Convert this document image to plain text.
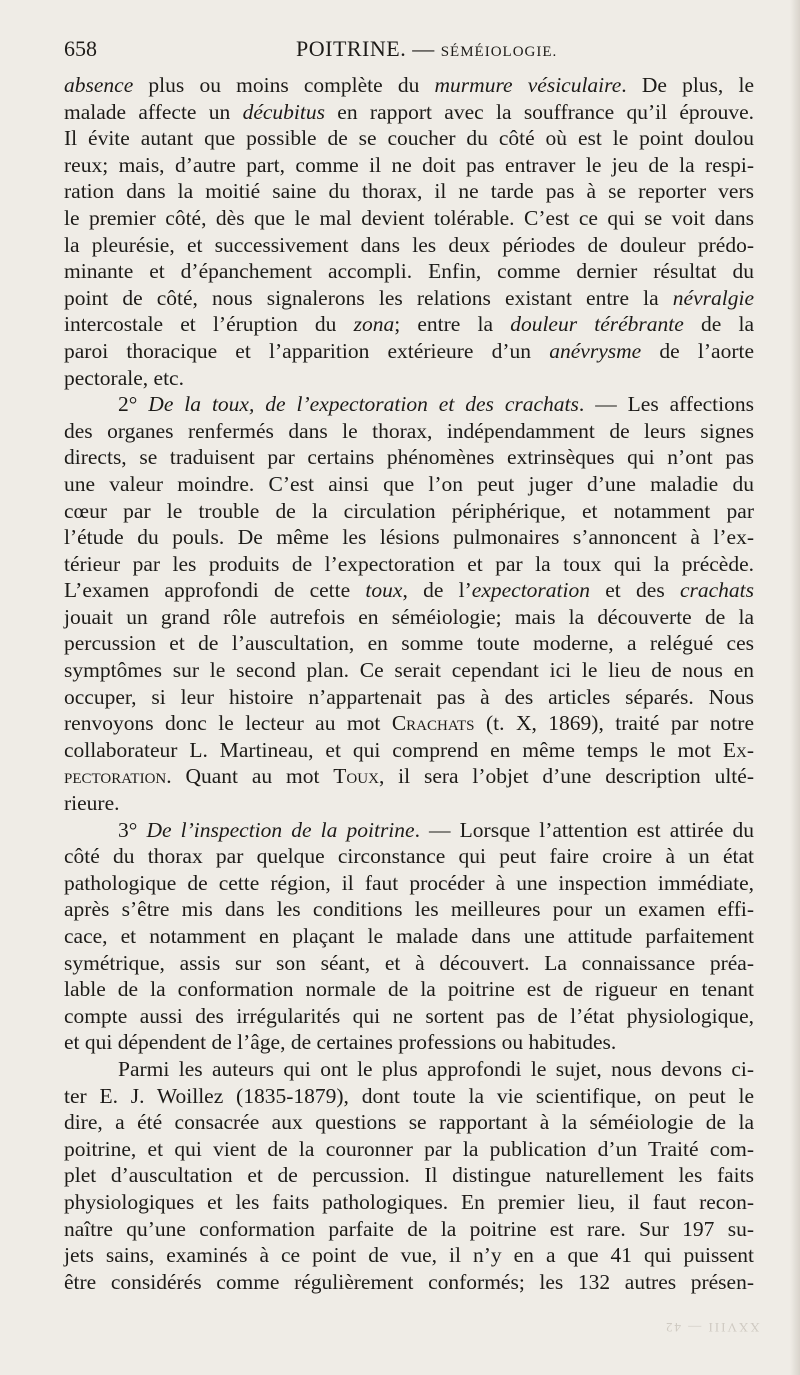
658	POITRINE. — SÉMÉIOLOGIE.
absence plus ou moins complète du murmure vésiculaire. De plus, le
malade affecte un décubitus en rapport avec la souffrance qu’il éprouve.
Il évite autant que possible de se coucher du côté où est le point doulou
reux; mais, d’autre part, comme il ne doit pas entraver le jeu de la respi-
ration dans la moitié saine du thorax, il ne tarde pas à se reporter vers
le premier côté, dès que le mal devient tolérable. C’est ce qui se voit dans
la pleurésie, et successivement dans les deux périodes de douleur prédo-
minante et d’épanchement accompli. Enfin, comme dernier résultat du
point de côté, nous signalerons les relations existant entre la névralgie
intercostale et l’éruption du zona; entre la douleur térébrante de la
paroi thoracique et l’apparition extérieure d’un anévrysme de l’aorte
pectorale, etc.
2° De la toux, de l’expectoration et des crachats. — Les affections
des organes renfermés dans le thorax, indépendamment de leurs signes
directs, se traduisent par certains phénomènes extrinsèques qui n’ont pas
une valeur moindre. C’est ainsi que l’on peut juger d’une maladie du
cœur par le trouble de la circulation périphérique, et notamment par
l’étude du pouls. De même les lésions pulmonaires s’annoncent à l’ex-
térieur par les produits de l’expectoration et par la toux qui la précède.
L’examen approfondi de cette toux, de l’expectoration et des crachats
jouait un grand rôle autrefois en séméiologie; mais la découverte de la
percussion et de l’auscultation, en somme toute moderne, a relégué ces
symptômes sur le second plan. Ce serait cependant ici le lieu de nous en
occuper, si leur histoire n’appartenait pas à des articles séparés. Nous
renvoyons donc le lecteur au mot Crachats (t. X, 1869), traité par notre
collaborateur L. Martineau, et qui comprend en même temps le mot Ex-
pectoration. Quant au mot Toux, il sera l’objet d’une description ulté-
rieure.
3° De l’inspection de la poitrine. — Lorsque l’attention est attirée du
côté du thorax par quelque circonstance qui peut faire croire à un état
pathologique de cette région, il faut procéder à une inspection immédiate,
après s’être mis dans les conditions les meilleures pour un examen effi-
cace, et notamment en plaçant le malade dans une attitude parfaitement
symétrique, assis sur son séant, et à découvert. La connaissance préa-
lable de la conformation normale de la poitrine est de rigueur en tenant
compte aussi des irrégularités qui ne sortent pas de l’état physiologique,
et qui dépendent de l’âge, de certaines professions ou habitudes.
Parmi les auteurs qui ont le plus approfondi le sujet, nous devons ci-
ter E. J. Woillez (1835-1879), dont toute la vie scientifique, on peut le
dire, a été consacrée aux questions se rapportant à la séméiologie de la
poitrine, et qui vient de la couronner par la publication d’un Traité com-
plet d’auscultation et de percussion. Il distingue naturellement les faits
physiologiques et les faits pathologiques. En premier lieu, il faut recon-
naître qu’une conformation parfaite de la poitrine est rare. Sur 197 su-
jets sains, examinés à ce point de vue, il n’y en a que 41 qui puissent
être considérés comme régulièrement conformés; les 132 autres présen-
XXVIII — 42
